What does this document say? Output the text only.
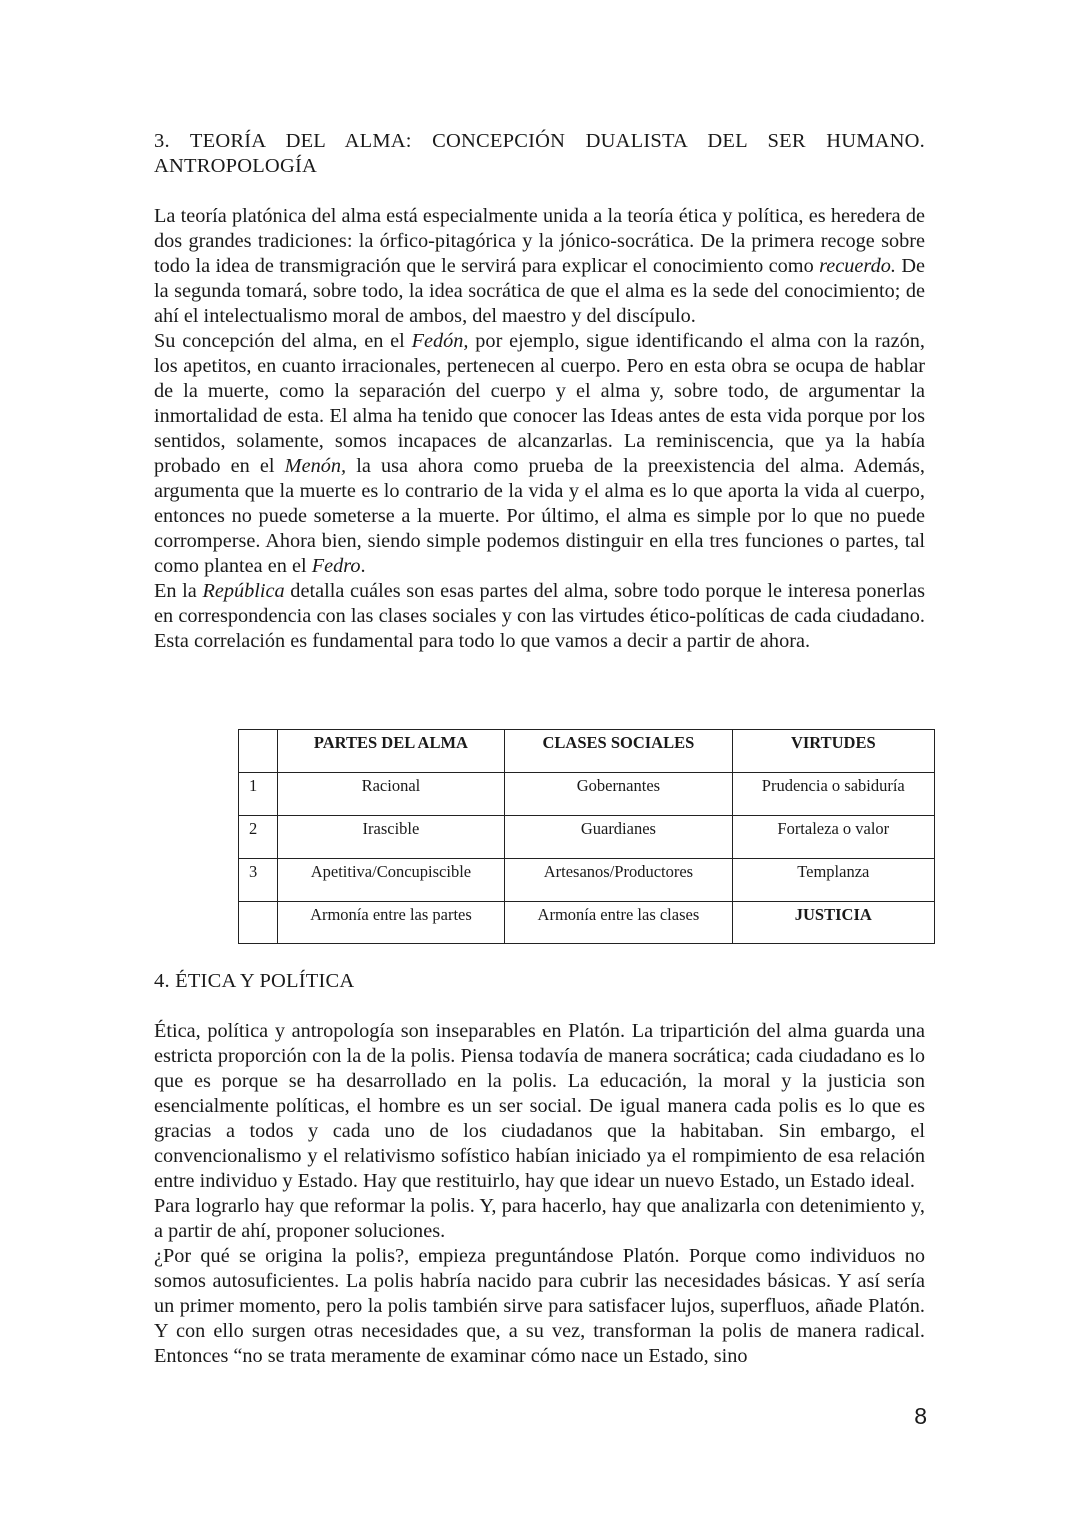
3. TEORÍA DEL ALMA: CONCEPCIÓN DUALISTA DEL SER HUMANO.
ANTROPOLOGÍA

La teoría platónica del alma está especialmente unida a la teoría ética y política, es heredera de dos grandes tradiciones: la órfico-pitagórica y la jónico-socrática. De la primera recoge sobre todo la idea de transmigración que le servirá para explicar el conocimiento como recuerdo. De la segunda tomará, sobre todo, la idea socrática de que el alma es la sede del conocimiento; de ahí el intelectualismo moral de ambos, del maestro y del discípulo.

Su concepción del alma, en el Fedón, por ejemplo, sigue identificando el alma con la razón, los apetitos, en cuanto irracionales, pertenecen al cuerpo. Pero en esta obra se ocupa de hablar de la muerte, como la separación del cuerpo y el alma y, sobre todo, de argumentar la inmortalidad de esta. El alma ha tenido que conocer las Ideas antes de esta vida porque por los sentidos, solamente, somos incapaces de alcanzarlas. La reminiscencia, que ya la había probado en el Menón, la usa ahora como prueba de la preexistencia del alma. Además, argumenta que la muerte es lo contrario de la vida y el alma es lo que aporta la vida al cuerpo, entonces no puede someterse a la muerte. Por último, el alma es simple por lo que no puede corromperse. Ahora bien, siendo simple podemos distinguir en ella tres funciones o partes, tal como plantea en el Fedro.

En la República detalla cuáles son esas partes del alma, sobre todo porque le interesa ponerlas en correspondencia con las clases sociales y con las virtudes ético-políticas de cada ciudadano. Esta correlación es fundamental para todo lo que vamos a decir a partir de ahora.

	PARTES DEL ALMA	CLASES SOCIALES	VIRTUDES
1	Racional	Gobernantes	Prudencia o sabiduría
2	Irascible	Guardianes	Fortaleza o valor
3	Apetitiva/Concupiscible	Artesanos/Productores	Templanza
	Armonía entre las partes	Armonía entre las clases	JUSTICIA
4. ÉTICA Y POLÍTICA

Ética, política y antropología son inseparables en Platón. La tripartición del alma guarda una estricta proporción con la de la polis. Piensa todavía de manera socrática; cada ciudadano es lo que es porque se ha desarrollado en la polis. La educación, la moral y la justicia son esencialmente políticas, el hombre es un ser social. De igual manera cada polis es lo que es gracias a todos y cada uno de los ciudadanos que la habitaban. Sin embargo, el convencionalismo y el relativismo sofístico habían iniciado ya el rompimiento de esa relación entre individuo y Estado. Hay que restituirlo, hay que idear un nuevo Estado, un Estado ideal.

Para lograrlo hay que reformar la polis. Y, para hacerlo, hay que analizarla con detenimiento y, a partir de ahí, proponer soluciones.

¿Por qué se origina la polis?, empieza preguntándose Platón. Porque como individuos no somos autosuficientes. La polis habría nacido para cubrir las necesidades básicas. Y así sería un primer momento, pero la polis también sirve para satisfacer lujos, superfluos, añade Platón. Y con ello surgen otras necesidades que, a su vez, transforman la polis de manera radical. Entonces “no se trata meramente de examinar cómo nace un Estado, sino

8
